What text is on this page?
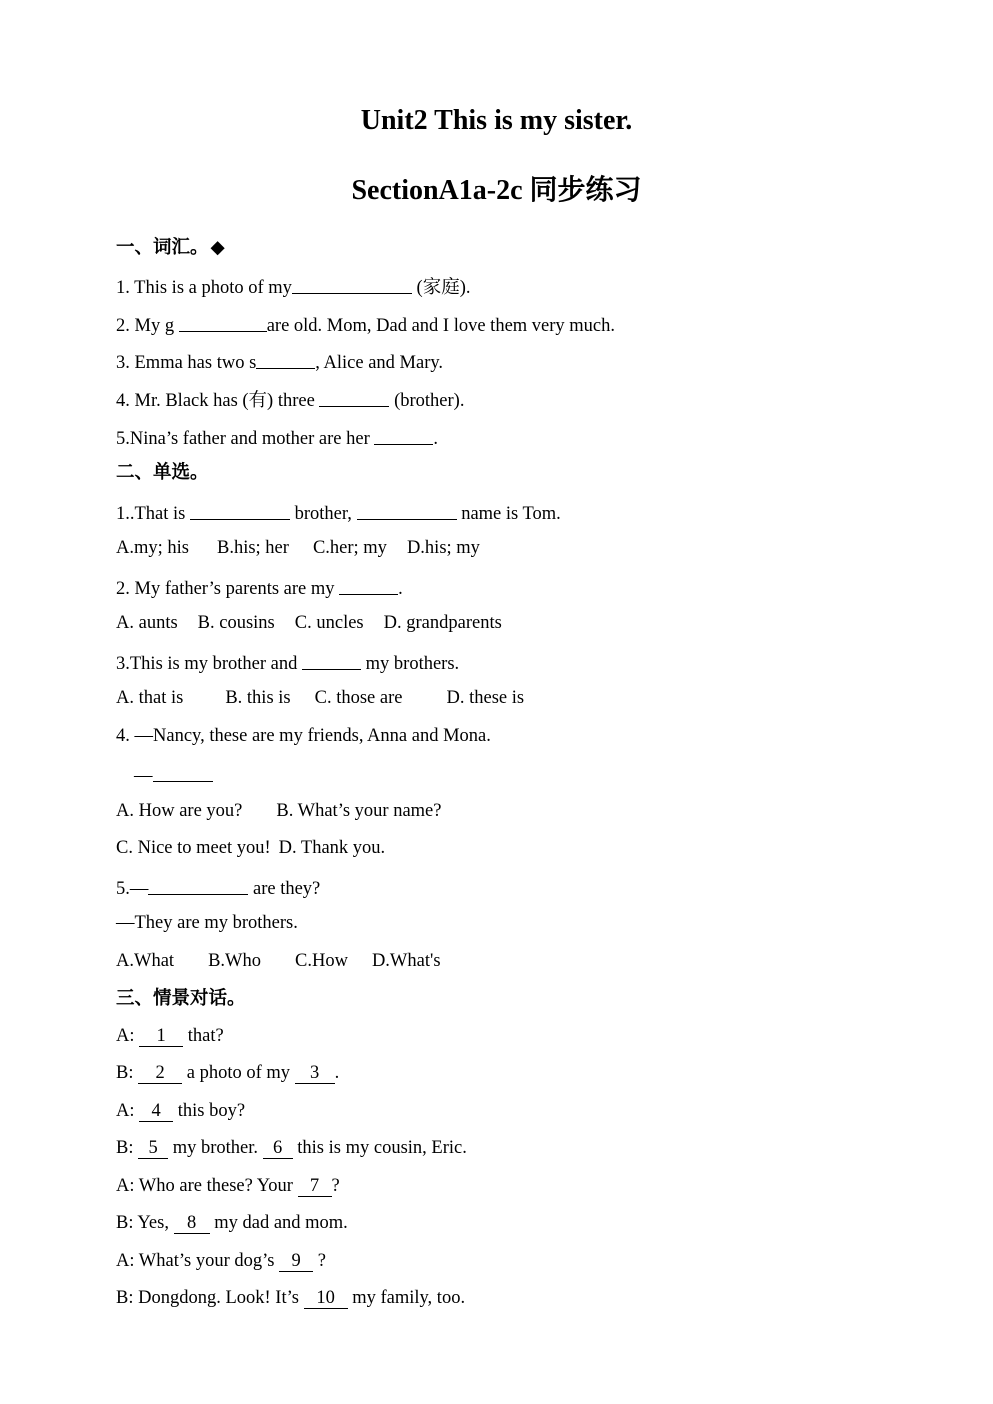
Unit2 This is my sister.
SectionA1a-2c 同步练习
一、词汇。 ◆
1. This is a photo of my	(家庭).
2. My g	are old. Mom, Dad and I love them very much.
3. Emma has two s	, Alice and Mary.
4. Mr. Black has (有) three	(brother).
5.Nina’s father and mother are her	.
二、单选。
1..That is	brother,	name is Tom.
A.my; his B.his; her C.her; my D.his; my
2. My father’s parents are my	.
A. aunts B. cousins C. uncles D. grandparents
3.This is my brother and	my brothers.
A. that is B. this is C. those are D. these is
4. —Nancy, these are my friends, Anna and Mona.
—
A. How are you? B. What’s your name?
C. Nice to meet you! D. Thank you.
5.—	are they?
—They are my brothers.
A.What B.Who C.How D.What's
三、情景对话。
A: 1 that?
B: 2 a photo of my 3 .
A: 4 this boy?
B: 5 my brother. 6 this is my cousin, Eric.
A: Who are these? Your 7 ?
B: Yes, 8 my dad and mom.
A: What’s your dog’s 9 ?
B: Dongdong. Look! It’s 10 my family, too.
